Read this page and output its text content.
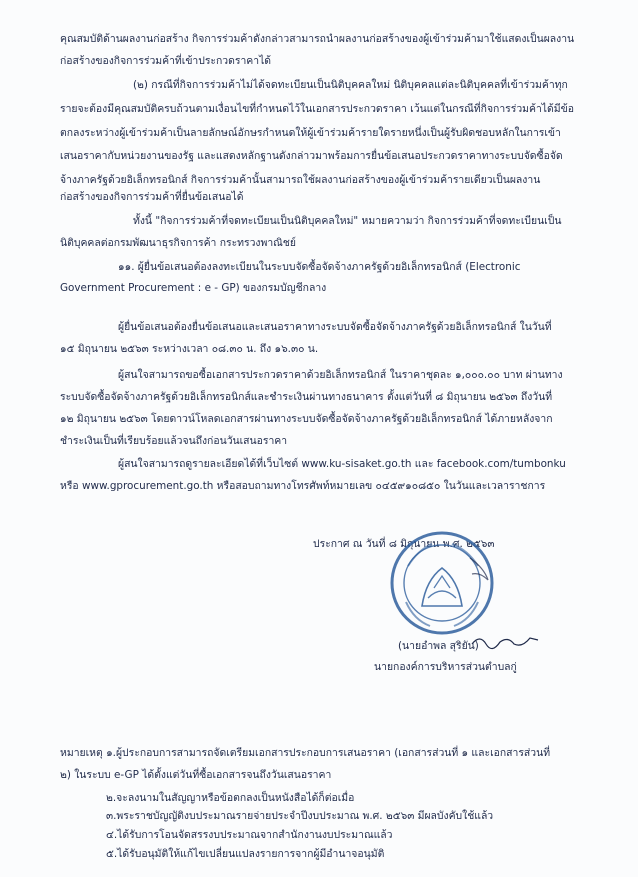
คุณสมบัติด้านผลงานก่อสร้าง กิจการร่วมค้าดังกล่าวสามารถนำผลงานก่อสร้างของผู้เข้าร่วมค้ามาใช้แสดงเป็นผลงาน
ก่อสร้างของกิจการร่วมค้าที่เข้าประกวดราคาได้
(๒) กรณีที่กิจการร่วมค้าไม่ได้จดทะเบียนเป็นนิติบุคคลใหม่ นิติบุคคลแต่ละนิติบุคคลที่เข้าร่วมค้าทุก
รายจะต้องมีคุณสมบัติครบถ้วนตามเงื่อนไขที่กำหนดไว้ในเอกสารประกวดราคา เว้นแต่ในกรณีที่กิจการร่วมค้าได้มีข้อ
ตกลงระหว่างผู้เข้าร่วมค้าเป็นลายลักษณ์อักษรกำหนดให้ผู้เข้าร่วมค้ารายใดรายหนึ่งเป็นผู้รับผิดชอบหลักในการเข้า
เสนอราคากับหน่วยงานของรัฐ และแสดงหลักฐานดังกล่าวมาพร้อมการยื่นข้อเสนอประกวดราคาทางระบบจัดซื้อจัด
จ้างภาครัฐด้วยอิเล็กทรอนิกส์ กิจการร่วมค้านั้นสามารถใช้ผลงานก่อสร้างของผู้เข้าร่วมค้ารายเดียวเป็นผลงาน
ก่อสร้างของกิจการร่วมค้าที่ยื่นข้อเสนอได้
ทั้งนี้ "กิจการร่วมค้าที่จดทะเบียนเป็นนิติบุคคลใหม่" หมายความว่า กิจการร่วมค้าที่จดทะเบียนเป็น
นิติบุคคลต่อกรมพัฒนาธุรกิจการค้า กระทรวงพาณิชย์
๑๑. ผู้ยื่นข้อเสนอต้องลงทะเบียนในระบบจัดซื้อจัดจ้างภาครัฐด้วยอิเล็กทรอนิกส์ (Electronic
Government Procurement : e - GP) ของกรมบัญชีกลาง
ผู้ยื่นข้อเสนอต้องยื่นข้อเสนอและเสนอราคาทางระบบจัดซื้อจัดจ้างภาครัฐด้วยอิเล็กทรอนิกส์ ในวันที่
๑๕ มิถุนายน ๒๕๖๓ ระหว่างเวลา ๐๘.๓๐ น. ถึง ๑๖.๓๐ น.
ผู้สนใจสามารถขอซื้อเอกสารประกวดราคาด้วยอิเล็กทรอนิกส์ ในราคาชุดละ ๑,๐๐๐.๐๐ บาท ผ่านทาง
ระบบจัดซื้อจัดจ้างภาครัฐด้วยอิเล็กทรอนิกส์และชำระเงินผ่านทางธนาคาร ตั้งแต่วันที่ ๘ มิถุนายน ๒๕๖๓ ถึงวันที่
๑๒ มิถุนายน ๒๕๖๓ โดยดาวน์โหลดเอกสารผ่านทางระบบจัดซื้อจัดจ้างภาครัฐด้วยอิเล็กทรอนิกส์ ได้ภายหลังจาก
ชำระเงินเป็นที่เรียบร้อยแล้วจนถึงก่อนวันเสนอราคา
ผู้สนใจสามารถดูรายละเอียดได้ที่เว็บไซต์ www.ku-sisaket.go.th และ facebook.com/tumbonku
หรือ www.gprocurement.go.th หรือสอบถามทางโทรศัพท์หมายเลข ๐๔๕๙๑๐๘๕๐ ในวันและเวลาราชการ
ประกาศ ณ วันที่ ๘ มิถุนายน พ.ศ. ๒๕๖๓
(นายอำพล สุริยัน)
นายกองค์การบริหารส่วนตำบลกู่
หมายเหตุ ๑.ผู้ประกอบการสามารถจัดเตรียมเอกสารประกอบการเสนอราคา (เอกสารส่วนที่ ๑ และเอกสารส่วนที่
๒) ในระบบ e-GP ได้ตั้งแต่วันที่ซื้อเอกสารจนถึงวันเสนอราคา
๒.จะลงนามในสัญญาหรือข้อตกลงเป็นหนังสือได้ก็ต่อเมื่อ
๓.พระราชบัญญัติงบประมาณรายจ่ายประจำปีงบประมาณ พ.ศ. ๒๕๖๓ มีผลบังคับใช้แล้ว
๔.ได้รับการโอนจัดสรรงบประมาณจากสำนักงานงบประมาณแล้ว
๕.ได้รับอนุมัติให้แก้ไขเปลี่ยนแปลงรายการจากผู้มีอำนาจอนุมัติ
